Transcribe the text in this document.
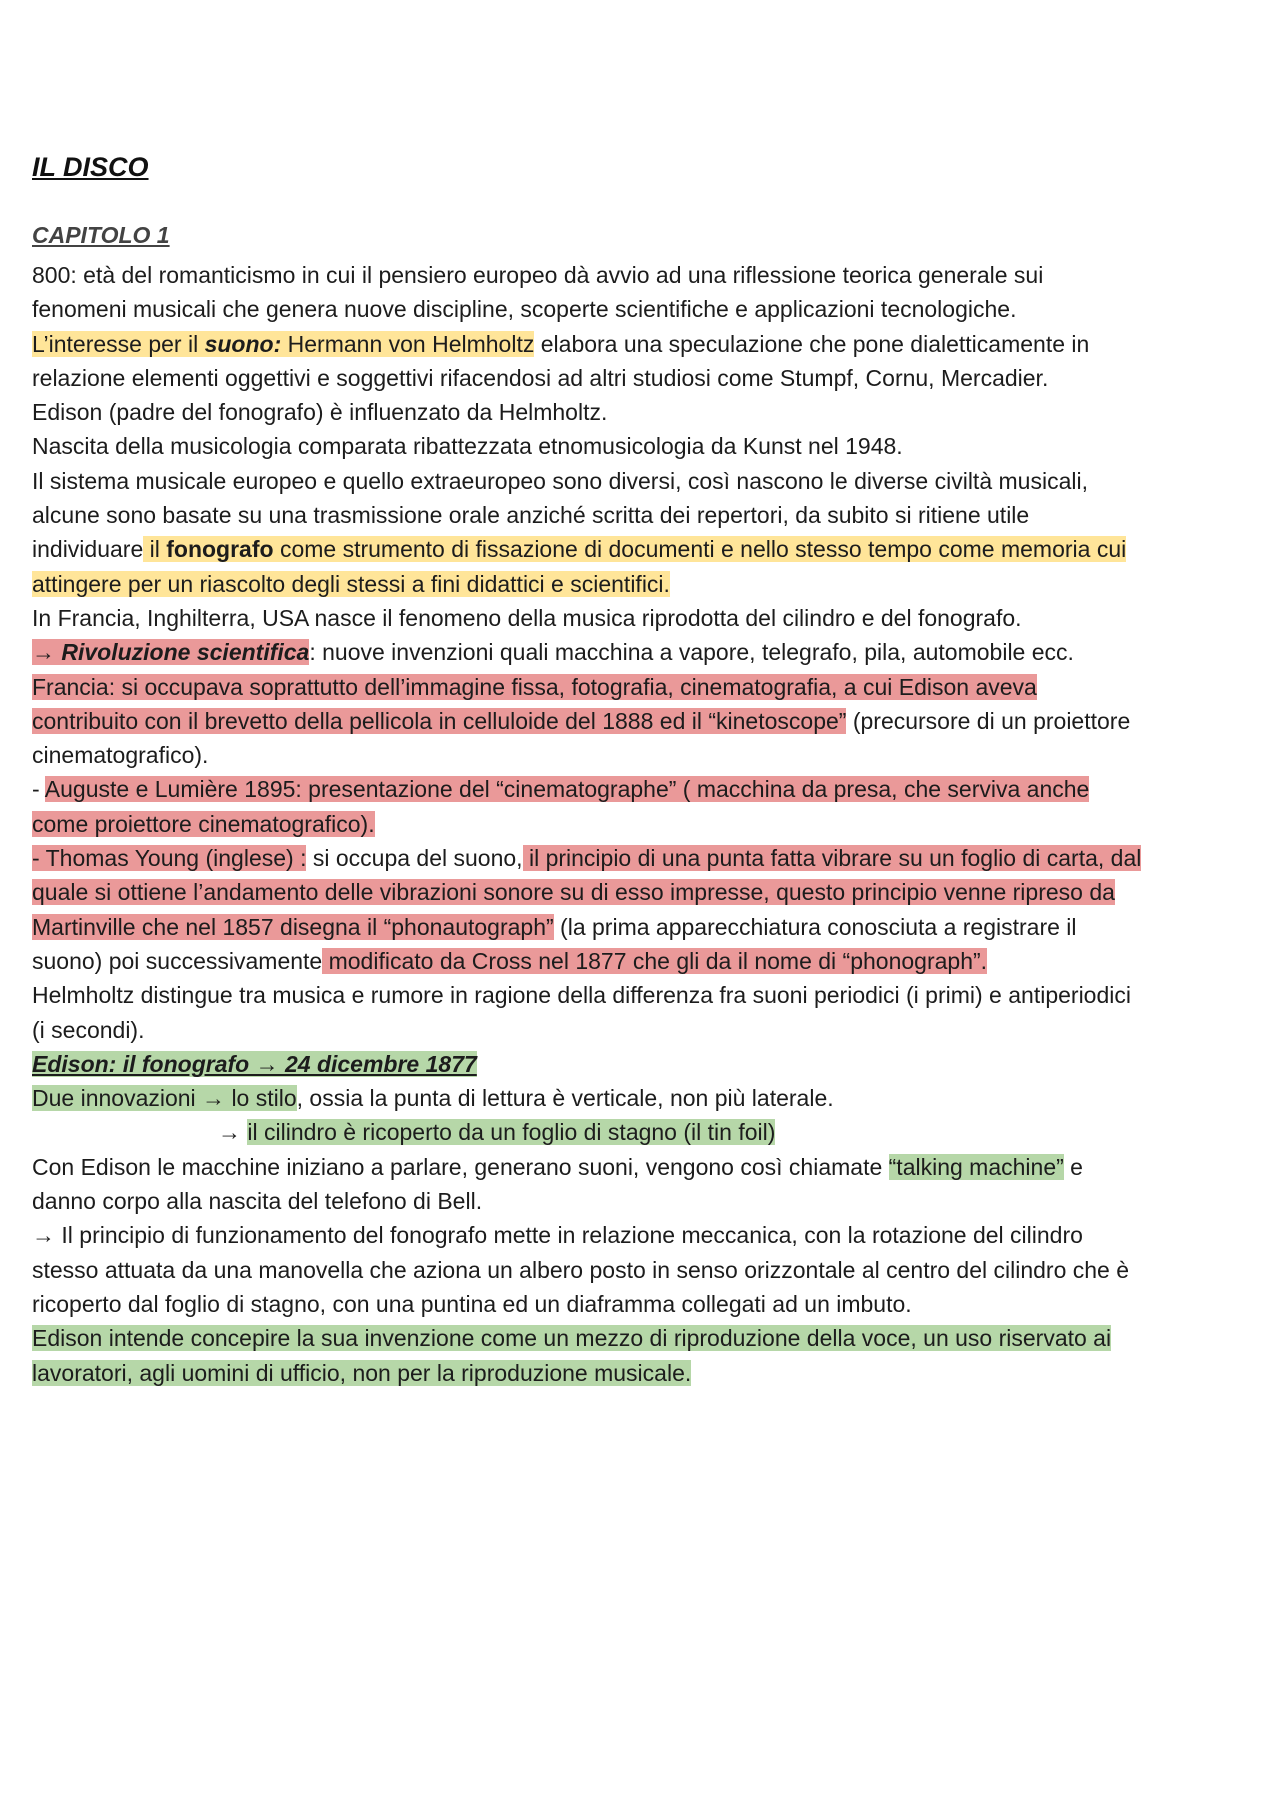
IL DISCO
CAPITOLO 1

800: età del romanticismo in cui il pensiero europeo dà avvio ad una riflessione teorica generale sui fenomeni musicali che genera nuove discipline, scoperte scientifiche e applicazioni tecnologiche.

L’interesse per il suono: Hermann von Helmholtz elabora una speculazione che pone dialetticamente in relazione elementi oggettivi e soggettivi rifacendosi ad altri studiosi come Stumpf, Cornu, Mercadier.

Edison (padre del fonografo) è influenzato da Helmholtz.

Nascita della musicologia comparata ribattezzata etnomusicologia da Kunst nel 1948.

Il sistema musicale europeo e quello extraeuropeo sono diversi, così nascono le diverse civiltà musicali, alcune sono basate su una trasmissione orale anziché scritta dei repertori, da subito si ritiene utile individuare il fonografo come strumento di fissazione di documenti e nello stesso tempo come memoria cui attingere per un riascolto degli stessi a fini didattici e scientifici.

In Francia, Inghilterra, USA nasce il fenomeno della musica riprodotta del cilindro e del fonografo.

→ Rivoluzione scientifica: nuove invenzioni quali macchina a vapore, telegrafo, pila, automobile ecc.

Francia: si occupava soprattutto dell’immagine fissa, fotografia, cinematografia, a cui Edison aveva contribuito con il brevetto della pellicola in celluloide del 1888 ed il “kinetoscope” (precursore di un proiettore cinematografico).

- Auguste e Lumière 1895: presentazione del “cinematographe” ( macchina da presa, che serviva anche come proiettore cinematografico).

- Thomas Young (inglese) : si occupa del suono, il principio di una punta fatta vibrare su un foglio di carta, dal quale si ottiene l’andamento delle vibrazioni sonore su di esso impresse, questo principio venne ripreso da Martinville che nel 1857 disegna il “phonautograph” (la prima apparecchiatura conosciuta a registrare il suono) poi successivamente modificato da Cross nel 1877 che gli da il nome di “phonograph”.

Helmholtz distingue tra musica e rumore in ragione della differenza fra suoni periodici (i primi) e antiperiodici (i secondi).

Edison: il fonografo → 24 dicembre 1877

Due innovazioni → lo stilo, ossia la punta di lettura è verticale, non più laterale.

→ il cilindro è ricoperto da un foglio di stagno (il tin foil)

Con Edison le macchine iniziano a parlare, generano suoni, vengono così chiamate “talking machine” e danno corpo alla nascita del telefono di Bell.

→ Il principio di funzionamento del fonografo mette in relazione meccanica, con la rotazione del cilindro stesso attuata da una manovella che aziona un albero posto in senso orizzontale al centro del cilindro che è ricoperto dal foglio di stagno, con una puntina ed un diaframma collegati ad un imbuto.

Edison intende concepire la sua invenzione come un mezzo di riproduzione della voce, un uso riservato ai lavoratori, agli uomini di ufficio, non per la riproduzione musicale.
